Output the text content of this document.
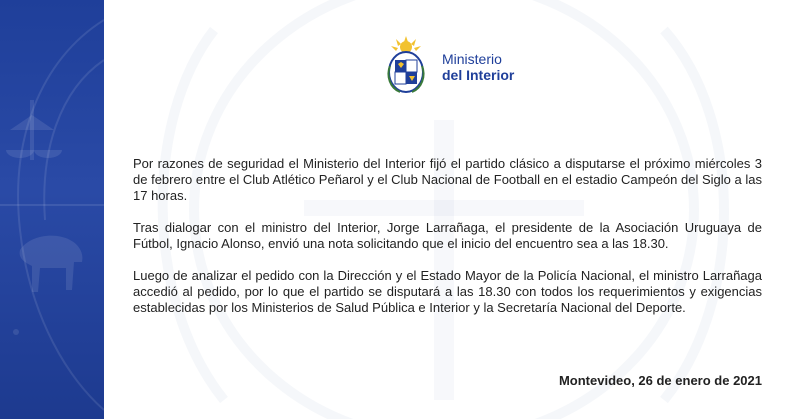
Ministerio
del Interior

Por razones de seguridad el Ministerio del Interior fijó el partido clásico a disputarse el próximo miércoles 3 de febrero entre el Club Atlético Peñarol y el Club Nacional de Football en el estadio Campeón del Siglo a las 17 horas.

Tras dialogar con el ministro del Interior, Jorge Larrañaga, el presidente de la Asociación Uruguaya de Fútbol, Ignacio Alonso, envió una nota solicitando que el inicio del encuentro sea a las 18.30.

Luego de analizar el pedido con la Dirección y el Estado Mayor de la Policía Nacional, el ministro Larrañaga accedió al pedido, por lo que el partido se disputará a las 18.30 con todos los requerimientos y exigencias establecidas por los Ministerios de Salud Pública e Interior y la Secretaría Nacional del Deporte.

Montevideo, 26 de enero de 2021
